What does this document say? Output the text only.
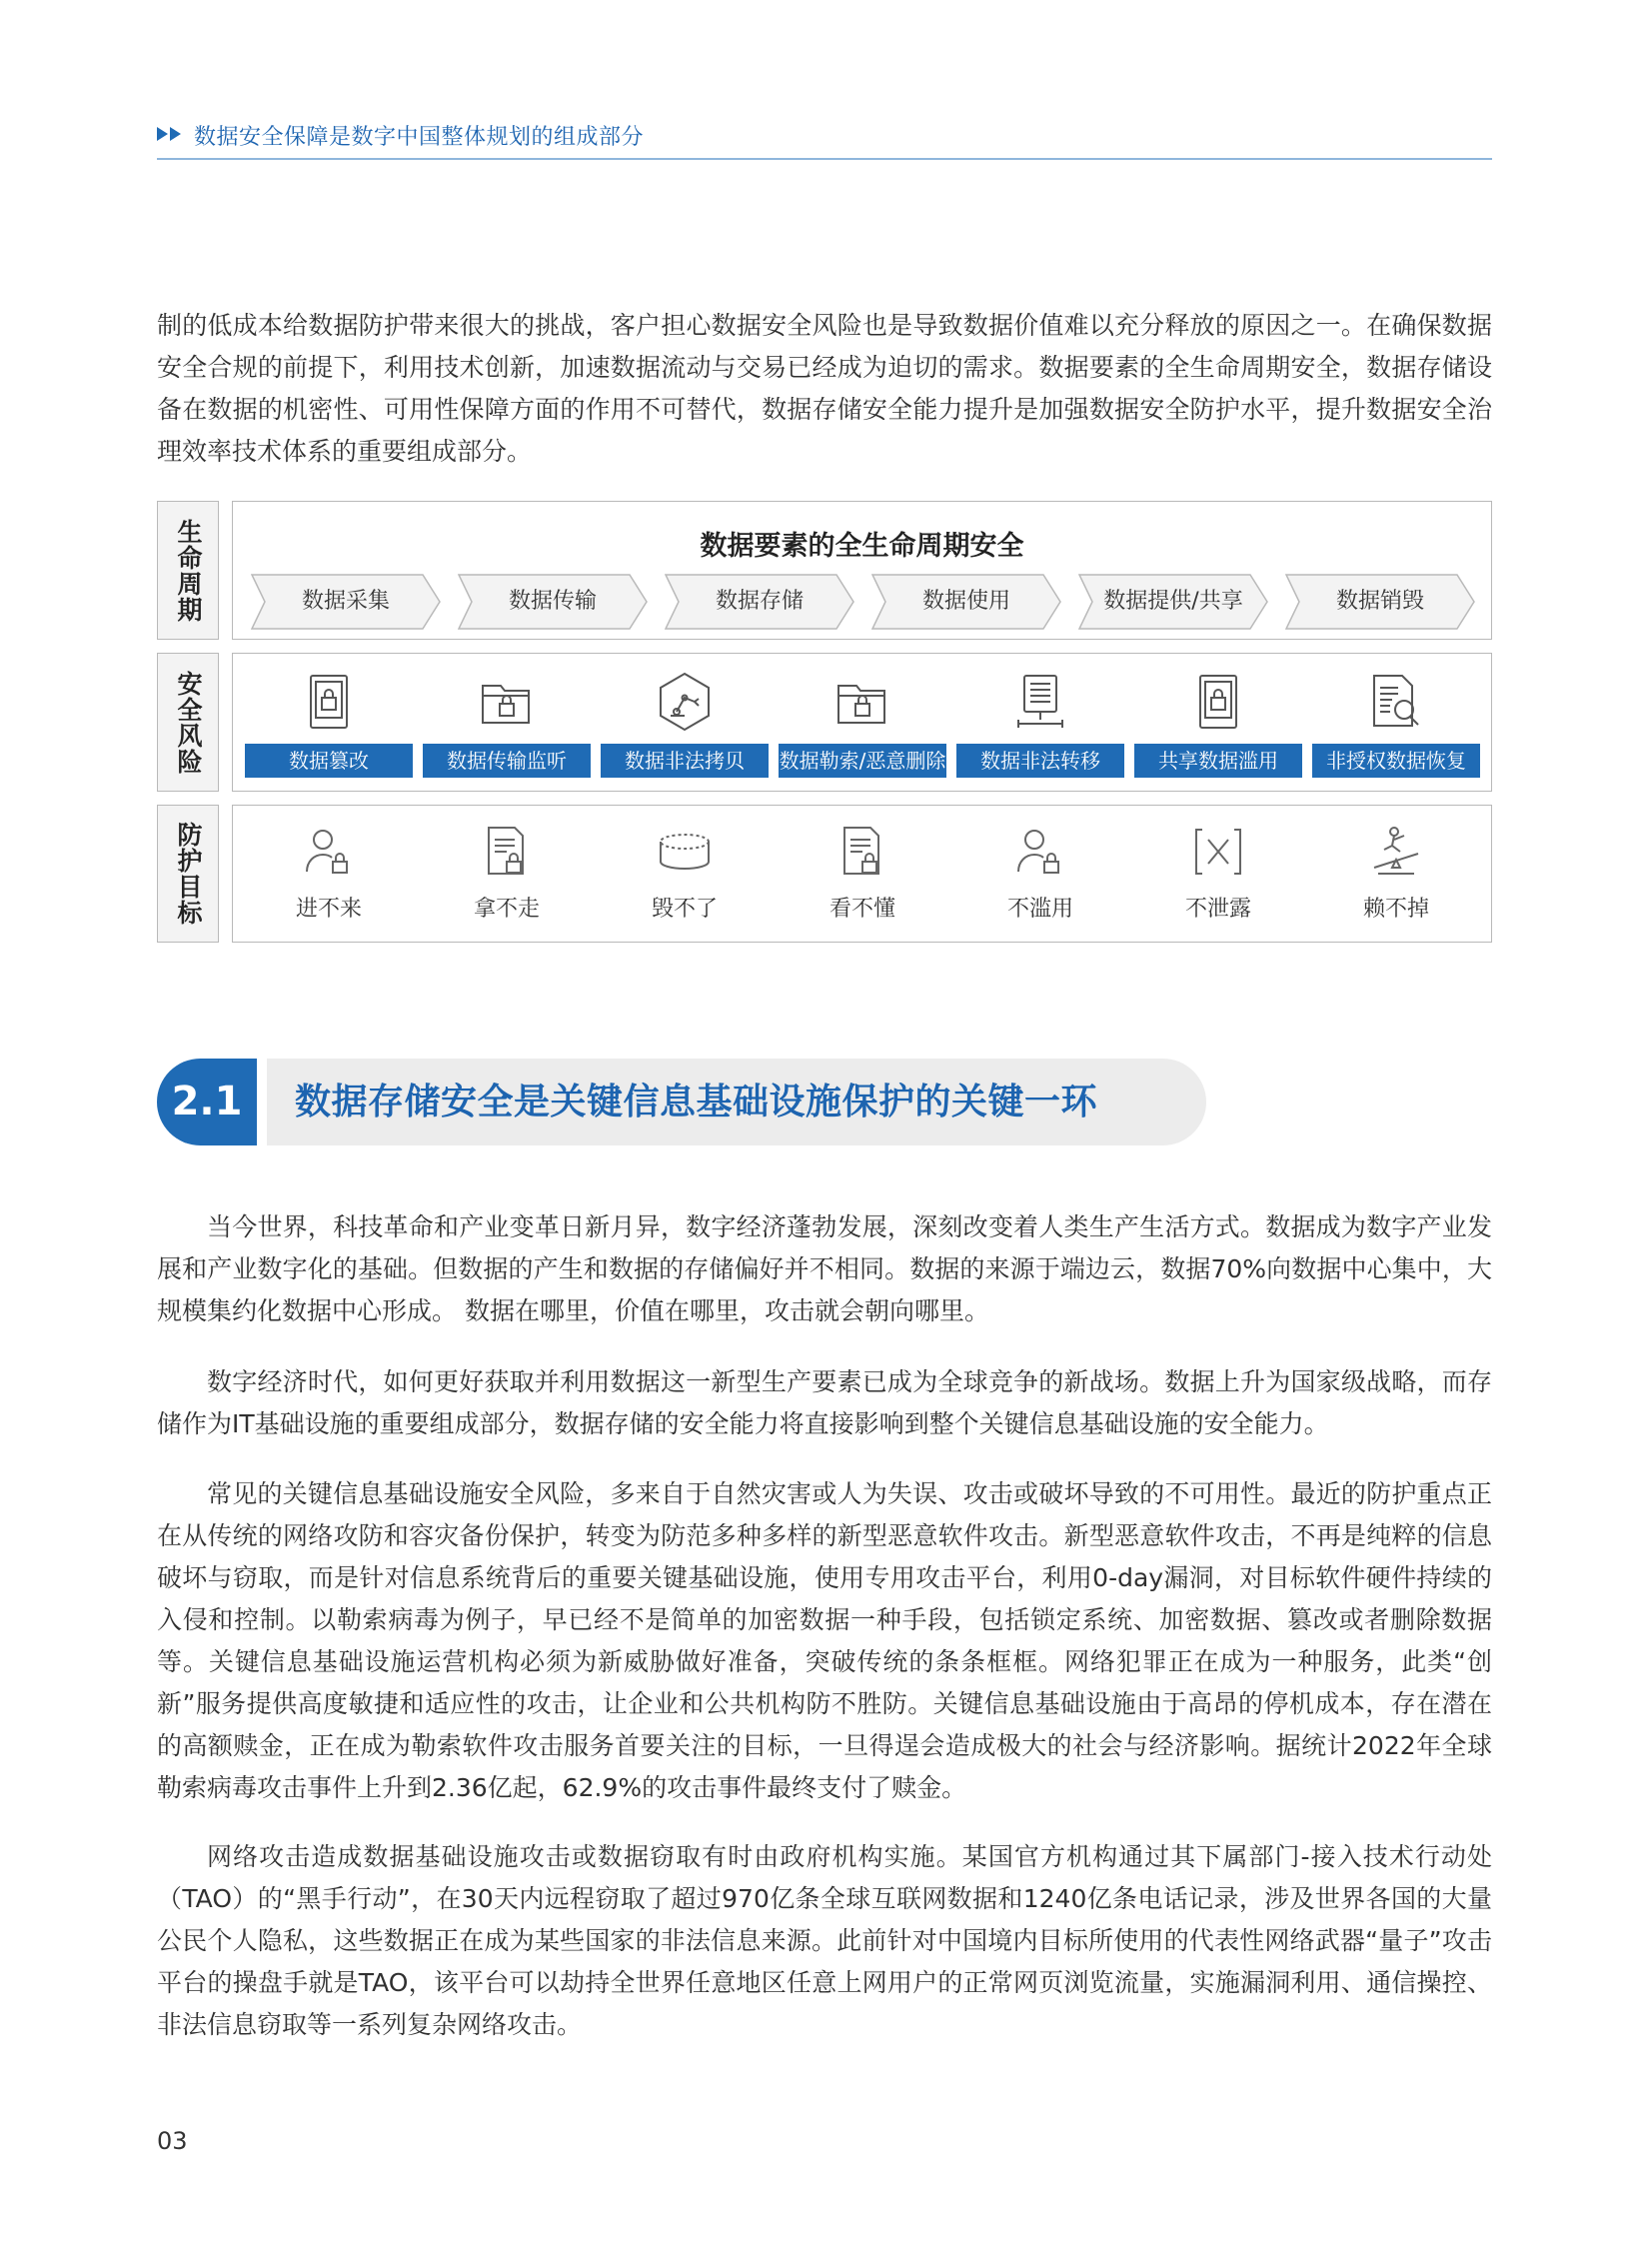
数据安全保障是数字中国整体规划的组成部分

制的低成本给数据防护带来很大的挑战，客户担心数据安全风险也是导致数据价值难以充分释放的原因之一。在确保数据安全合规的前提下，利用技术创新，加速数据流动与交易已经成为迫切的需求。数据要素的全生命周期安全，数据存储设备在数据的机密性、可用性保障方面的作用不可替代，数据存储安全能力提升是加强数据安全防护水平，提升数据安全治理效率技术体系的重要组成部分。

生命周期	数据要素的全生命周期安全
数据采集	数据传输	数据存储	数据使用	数据提供/共享	数据销毁
安全风险	数据篡改	数据传输监听	数据非法拷贝	数据勒索/恶意删除	数据非法转移	共享数据滥用	非授权数据恢复
防护目标	进不来	拿不走	毁不了	看不懂	不滥用	不泄露	赖不掉
2.1	数据存储安全是关键信息基础设施保护的关键一环

当今世界，科技革命和产业变革日新月异，数字经济蓬勃发展，深刻改变着人类生产生活方式。数据成为数字产业发展和产业数字化的基础。但数据的产生和数据的存储偏好并不相同。数据的来源于端边云，数据70%向数据中心集中，大规模集约化数据中心形成。 数据在哪里，价值在哪里，攻击就会朝向哪里。

数字经济时代，如何更好获取并利用数据这一新型生产要素已成为全球竞争的新战场。数据上升为国家级战略，而存储作为IT基础设施的重要组成部分，数据存储的安全能力将直接影响到整个关键信息基础设施的安全能力。

常见的关键信息基础设施安全风险，多来自于自然灾害或人为失误、攻击或破坏导致的不可用性。最近的防护重点正在从传统的网络攻防和容灾备份保护，转变为防范多种多样的新型恶意软件攻击。新型恶意软件攻击，不再是纯粹的信息破坏与窃取，而是针对信息系统背后的重要关键基础设施，使用专用攻击平台，利用0-day漏洞，对目标软件硬件持续的入侵和控制。以勒索病毒为例子，早已经不是简单的加密数据一种手段，包括锁定系统、加密数据、篡改或者删除数据等。关键信息基础设施运营机构必须为新威胁做好准备，突破传统的条条框框。网络犯罪正在成为一种服务，此类“创新”服务提供高度敏捷和适应性的攻击，让企业和公共机构防不胜防。关键信息基础设施由于高昂的停机成本，存在潜在的高额赎金，正在成为勒索软件攻击服务首要关注的目标，一旦得逞会造成极大的社会与经济影响。据统计2022年全球勒索病毒攻击事件上升到2.36亿起，62.9%的攻击事件最终支付了赎金。

网络攻击造成数据基础设施攻击或数据窃取有时由政府机构实施。某国官方机构通过其下属部门-接入技术行动处（TAO）的“黑手行动”，在30天内远程窃取了超过970亿条全球互联网数据和1240亿条电话记录，涉及世界各国的大量公民个人隐私，这些数据正在成为某些国家的非法信息来源。此前针对中国境内目标所使用的代表性网络武器“量子”攻击平台的操盘手就是TAO，该平台可以劫持全世界任意地区任意上网用户的正常网页浏览流量，实施漏洞利用、通信操控、非法信息窃取等一系列复杂网络攻击。

03
